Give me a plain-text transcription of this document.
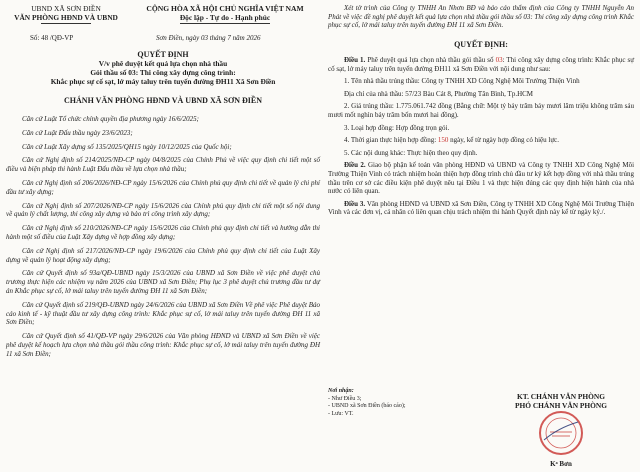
UBND XÃ SƠN ĐIỀN
VĂN PHÒNG HĐND VÀ UBND
CỘNG HÒA XÃ HỘI CHỦ NGHĨA VIỆT NAM
Độc lập - Tự do - Hạnh phúc
Số: 48 /QĐ-VP	Sơn Điền, ngày 03 tháng 7 năm 2026
QUYẾT ĐỊNH
V/v phê duyệt kết quả lựa chọn nhà thầu
Gói thầu số 03: Thi công xây dựng công trình:
Khắc phục sự cố sạt, lở máy taluy trên tuyến đường ĐH11 Xã Sơn Điền
CHÁNH VĂN PHÒNG HĐND VÀ UBND XÃ SƠN ĐIỀN

Căn cứ Luật Tổ chức chính quyền địa phương ngày 16/6/2025;

Căn cứ Luật Đấu thầu ngày 23/6/2023;

Căn cứ Luật Xây dựng số 135/2025/QH15 ngày 10/12/2025 của Quốc hội;

Căn cứ Nghị định số 214/2025/NĐ-CP ngày 04/8/2025 của Chính Phủ về việc quy định chi tiết một số điều và biện pháp thi hành Luật Đấu thầu về lựa chọn nhà thầu;

Căn cứ Nghị định số 206/2026/NĐ-CP ngày 15/6/2026 của Chính phủ quy định chi tiết về quản lý chi phí đầu tư xây dựng;

Căn cứ Nghị định số 207/2026/NĐ-CP ngày 15/6/2026 của Chính phủ quy định chi tiết một số nội dung về quản lý chất lượng, thi công xây dựng và bảo trì công trình xây dựng;

Căn cứ Nghị định số 210/2026/NĐ-CP ngày 15/6/2026 của Chính phủ quy định chi tiết và hướng dẫn thi hành một số điều của Luật Xây dựng về hợp đồng xây dựng;

Căn cứ Nghị định số 217/2026/NĐ-CP ngày 19/6/2026 của Chính phủ quy định chi tiết của Luật Xây dựng về quản lý hoạt động xây dựng;

Căn cứ Quyết định số 93a/QĐ-UBND ngày 15/3/2026 của UBND xã Sơn Điền về việc phê duyệt chủ trương thực hiện các nhiệm vụ năm 2026 của UBND xã Sơn Điền; Phụ lục 3 phê duyệt chủ trương đầu tư dự án Khắc phục sự cố, lở mái taluy trên tuyến đường ĐH 11 xã Sơn Điền;

Căn cứ Quyết định số 219/QĐ-UBND ngày 24/6/2026 của UBND xã Sơn Điền Về phê việc Phê duyệt Báo cáo kinh tế - kỹ thuật đầu tư xây dựng công trình: Khắc phục sự cố, lở mái taluy trên tuyến đường ĐH 11 xã Sơn Điền;

Căn cứ Quyết định số 41/QĐ-VP ngày 29/6/2026 của Văn phòng HĐND và UBND xã Sơn Điền về việc phê duyệt kế hoạch lựa chọn nhà thầu gói thầu công trình: Khắc phục sự cố, lở mái taluy trên tuyến đường ĐH 11 xã Sơn Điền;

Xét tờ trình của Công ty TNHH An Nhơn BĐ và báo cáo thẩm định của Công ty TNHH Nguyễn An Phát về việc đề nghị phê duyệt kết quả lựa chọn nhà thầu gói thầu số 03: Thi công xây dựng công trình Khắc phục sự cố, lở mái taluy trên tuyến đường ĐH 11 xã Sơn Điền.

QUYẾT ĐỊNH:

Điều 1. Phê duyệt quả lựa chọn nhà thầu gói thầu số 03: Thi công xây dựng công trình: Khắc phục sự cố sạt, lở máy taluy trên tuyến đường ĐH11 xã Sơn Điền với nội dung như sau:

1. Tên nhà thầu trúng thầu: Công ty TNHH XD Công Nghệ Môi Trường Thiện Vinh

Địa chỉ của nhà thầu: 57/23 Bàu Cát 8, Phường Tân Bình, Tp.HCM

2. Giá trúng thầu: 1.775.061.742 đồng (Bằng chữ: Một tỷ bảy trăm bảy mươi lăm triệu không trăm sáu mươi mốt nghìn bảy trăm bốn mươi hai đồng).

3. Loại hợp đồng: Hợp đồng trọn gói.

4. Thời gian thực hiện hợp đồng: 150 ngày, kể từ ngày hợp đồng có hiệu lực.

5. Các nội dung khác: Thực hiện theo quy định.

Điều 2. Giao bộ phận kế toán văn phòng HĐND và UBND và Công ty TNHH XD Công Nghệ Môi Trường Thiện Vinh có trách nhiệm hoàn thiện hợp đồng trình chủ đầu tư ký kết hợp đồng với nhà thầu trúng thầu trên cơ sở các điều kiện phê duyệt nêu tại Điều 1 và thực hiện đúng các quy định hiện hành của nhà nước có liên quan.

Điều 3. Văn phòng HĐND và UBND xã Sơn Điền, Công ty TNHH XD Công Nghệ Môi Trường Thiện Vinh và các đơn vị, cá nhân có liên quan chịu trách nhiệm thi hành Quyết định này kể từ ngày ký./.

Nơi nhận:
- Như Điều 3;
- UBND xã Sơn Điền (báo cáo);
- Lưu: VT.
KT. CHÁNH VĂN PHÒNG
PHÓ CHÁNH VĂN PHÒNG
Kᵃ Bơn
